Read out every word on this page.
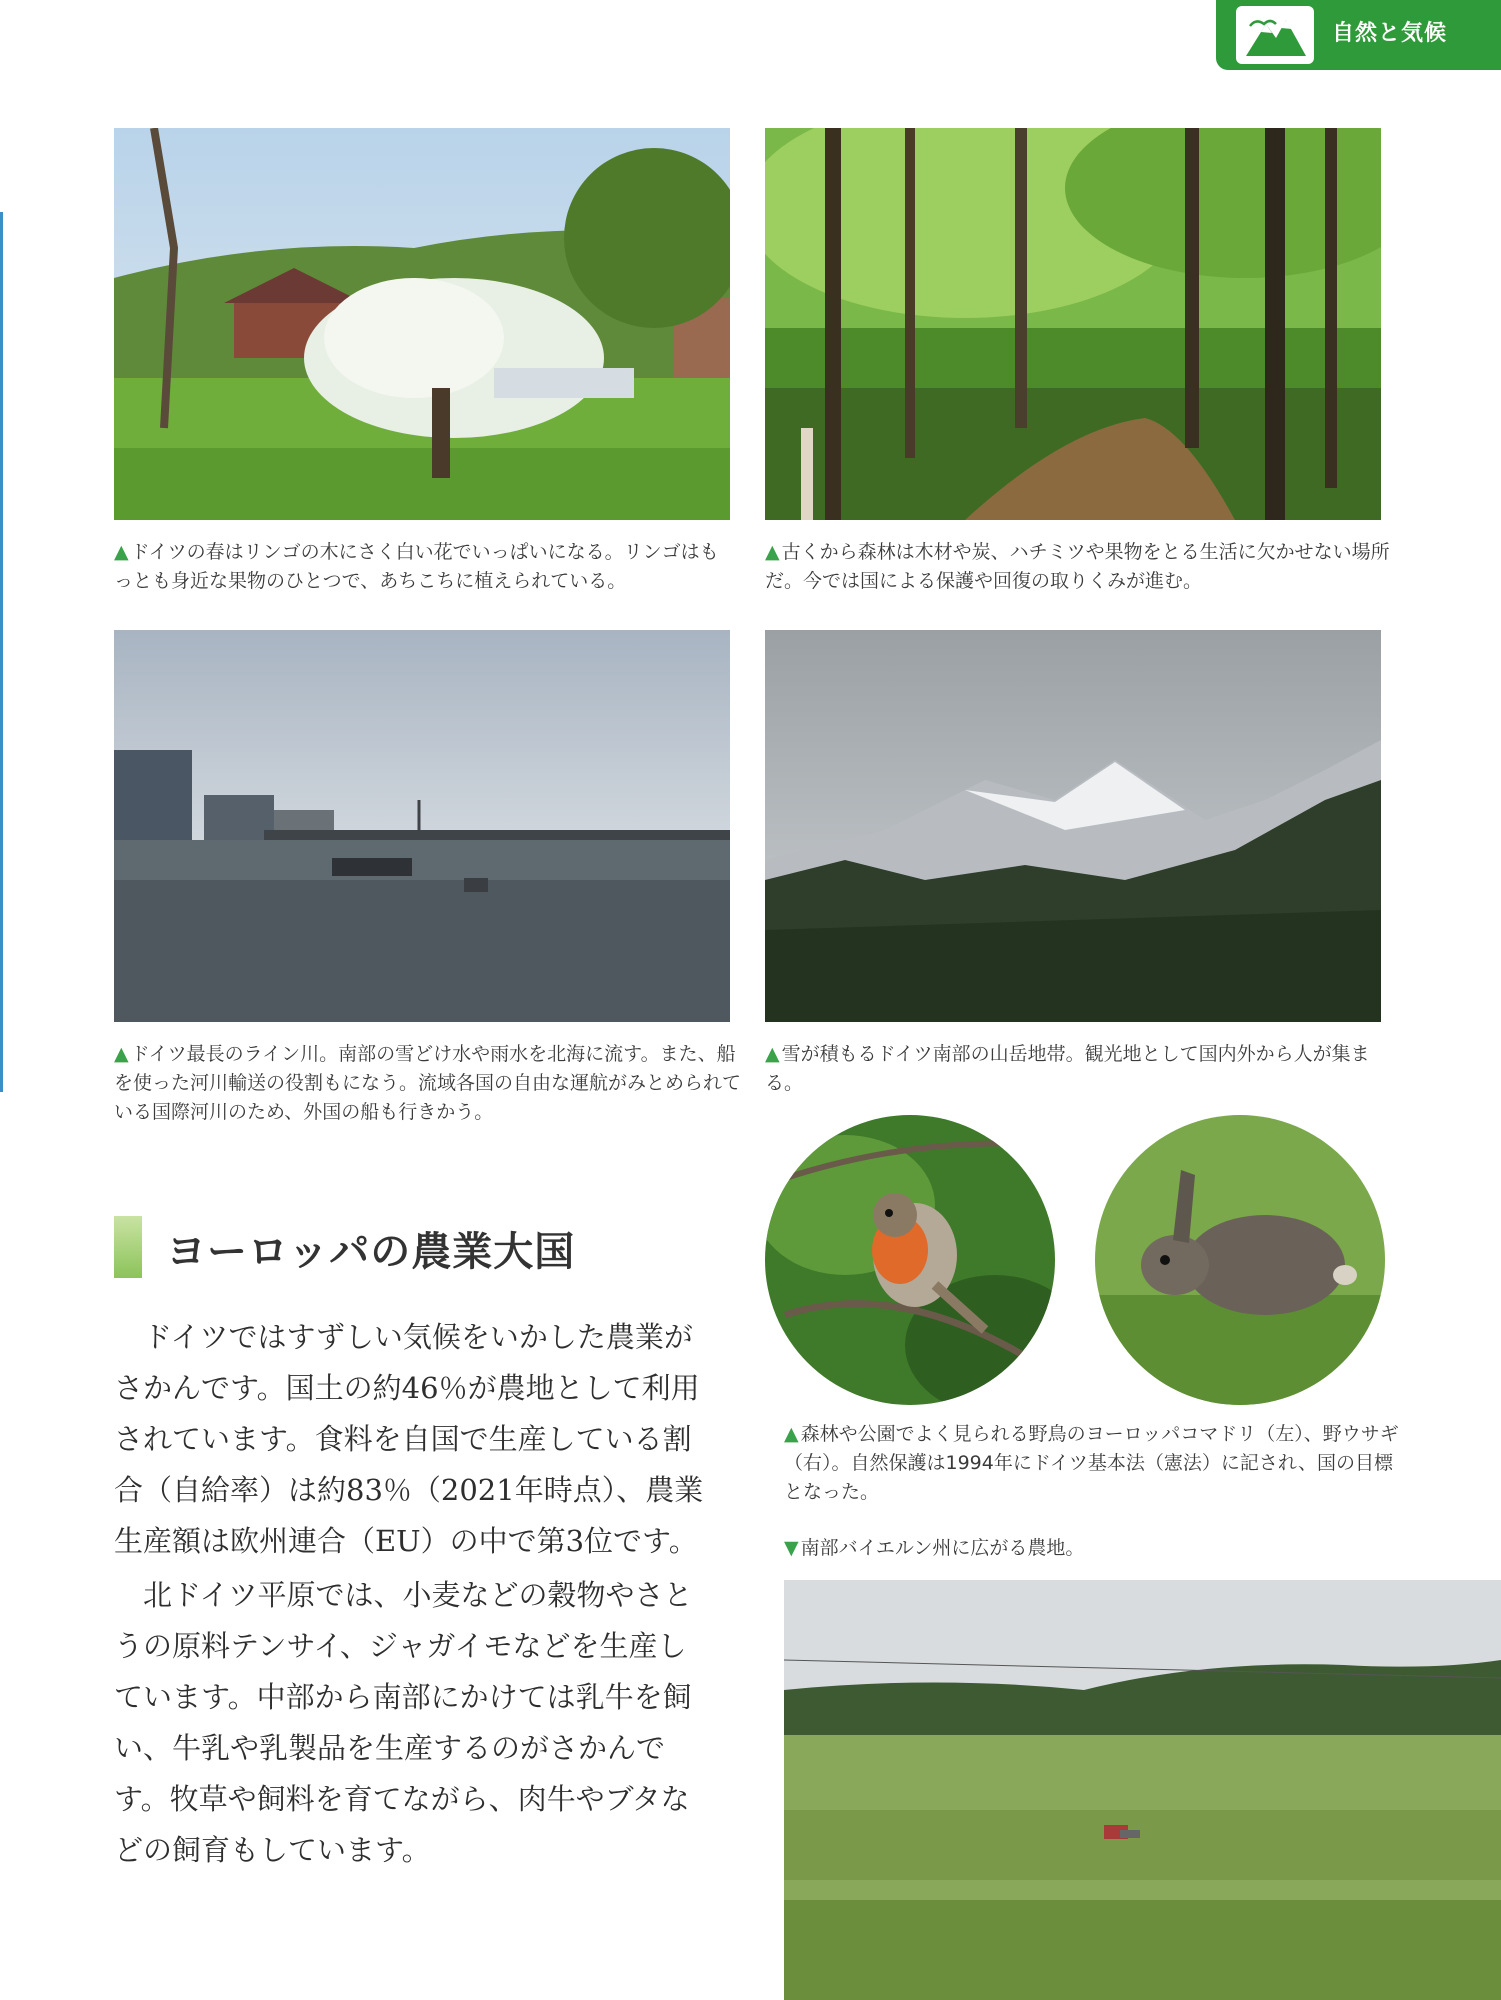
自然と気候
▲ ドイツの春はリンゴの木にさく白い花でいっぱいになる。リンゴはもっとも身近な果物のひとつで、あちこちに植えられている。
▲ 古くから森林は木材や炭、ハチミツや果物をとる生活に欠かせない場所だ。今では国による保護や回復の取りくみが進む。
▲ ドイツ最長のライン川。南部の雪どけ水や雨水を北海に流す。また、船を使った河川輸送の役割もになう。流域各国の自由な運航がみとめられている国際河川のため、外国の船も行きかう。
▲ 雪が積もるドイツ南部の山岳地帯。観光地として国内外から人が集まる。
ヨーロッパの農業大国

ドイツではすずしい気候をいかした農業がさかんです。国土の約46％が農地として利用されています。食料を自国で生産している割合（自給率）は約83％（2021年時点）、農業生産額は欧州連合（EU）の中で第3位です。

北ドイツ平原では、小麦などの穀物やさとうの原料テンサイ、ジャガイモなどを生産しています。中部から南部にかけては乳牛を飼い、牛乳や乳製品を生産するのがさかんです。牧草や飼料を育てながら、肉牛やブタなどの飼育もしています。

▲ 森林や公園でよく見られる野鳥のヨーロッパコマドリ（左）、野ウサギ（右）。自然保護は1994年にドイツ基本法（憲法）に記され、国の目標となった。
▼ 南部バイエルン州に広がる農地。
